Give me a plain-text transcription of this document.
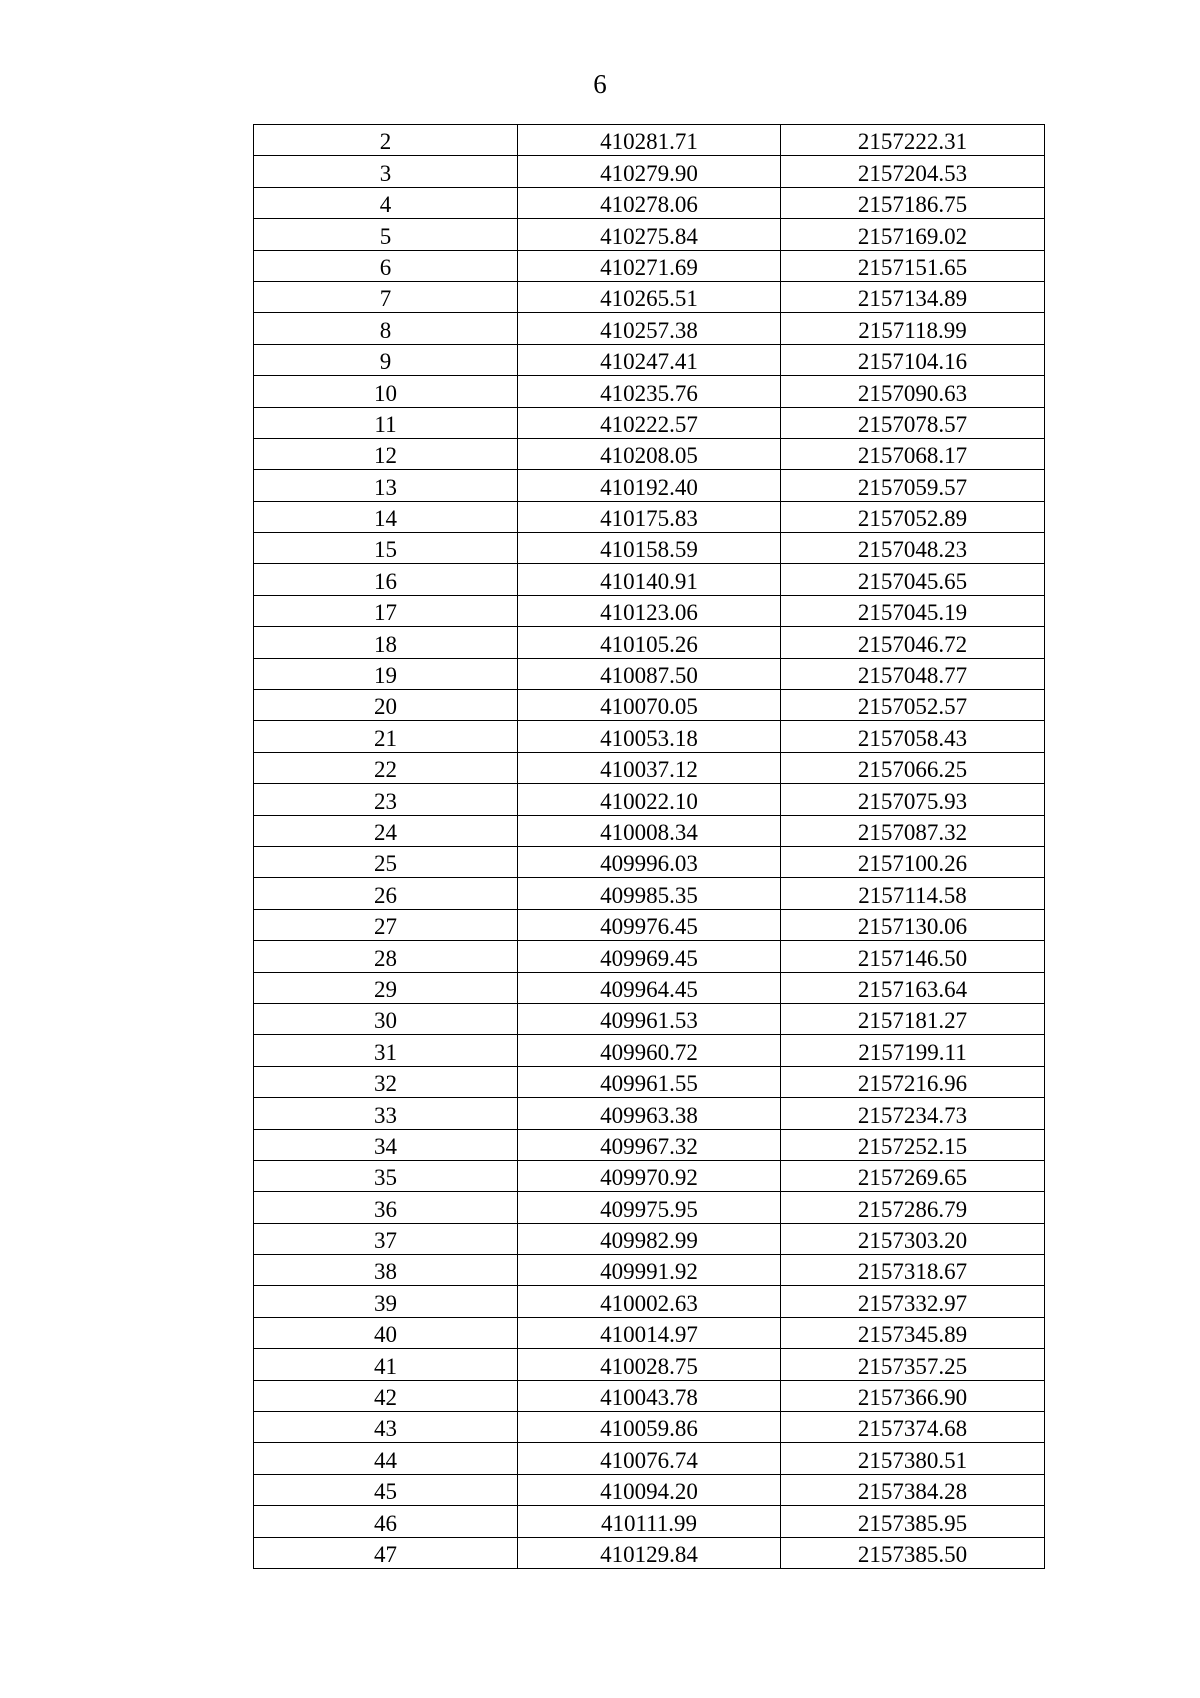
6
2	410281.71	2157222.31
3	410279.90	2157204.53
4	410278.06	2157186.75
5	410275.84	2157169.02
6	410271.69	2157151.65
7	410265.51	2157134.89
8	410257.38	2157118.99
9	410247.41	2157104.16
10	410235.76	2157090.63
11	410222.57	2157078.57
12	410208.05	2157068.17
13	410192.40	2157059.57
14	410175.83	2157052.89
15	410158.59	2157048.23
16	410140.91	2157045.65
17	410123.06	2157045.19
18	410105.26	2157046.72
19	410087.50	2157048.77
20	410070.05	2157052.57
21	410053.18	2157058.43
22	410037.12	2157066.25
23	410022.10	2157075.93
24	410008.34	2157087.32
25	409996.03	2157100.26
26	409985.35	2157114.58
27	409976.45	2157130.06
28	409969.45	2157146.50
29	409964.45	2157163.64
30	409961.53	2157181.27
31	409960.72	2157199.11
32	409961.55	2157216.96
33	409963.38	2157234.73
34	409967.32	2157252.15
35	409970.92	2157269.65
36	409975.95	2157286.79
37	409982.99	2157303.20
38	409991.92	2157318.67
39	410002.63	2157332.97
40	410014.97	2157345.89
41	410028.75	2157357.25
42	410043.78	2157366.90
43	410059.86	2157374.68
44	410076.74	2157380.51
45	410094.20	2157384.28
46	410111.99	2157385.95
47	410129.84	2157385.50
